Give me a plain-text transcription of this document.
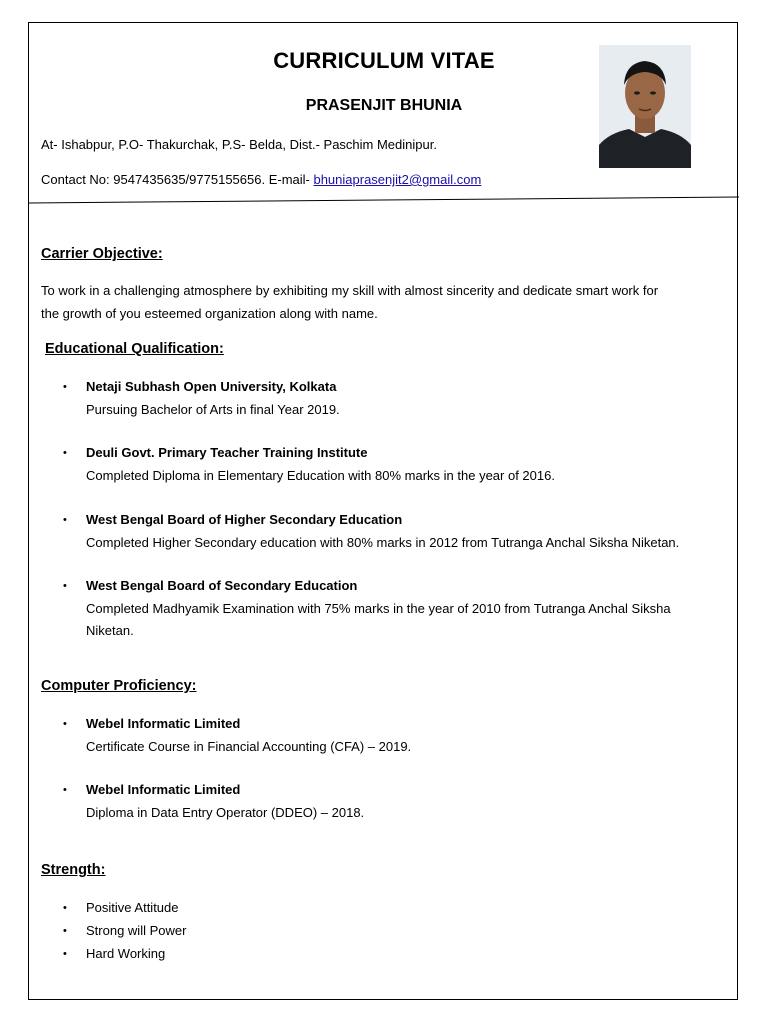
CURRICULUM VITAE
PRASENJIT BHUNIA
At- Ishabpur, P.O- Thakurchak, P.S- Belda, Dist.- Paschim Medinipur.
Contact No: 9547435635/9775155656. E-mail- bhuniaprasenjit2@gmail.com
Carrier Objective:
To work in a challenging atmosphere by exhibiting my skill with almost sincerity and dedicate smart work for
the growth of you esteemed organization along with name.
Educational Qualification:
• Netaji Subhash Open University, Kolkata
Pursuing Bachelor of Arts in final Year 2019.
• Deuli Govt. Primary Teacher Training Institute
Completed Diploma in Elementary Education with 80% marks in the year of 2016.
• West Bengal Board of Higher Secondary Education
Completed Higher Secondary education with 80% marks in 2012 from Tutranga Anchal Siksha Niketan.
• West Bengal Board of Secondary Education
Completed Madhyamik Examination with 75% marks in the year of 2010 from Tutranga Anchal Siksha
Niketan.
Computer Proficiency:
• Webel Informatic Limited
Certificate Course in Financial Accounting (CFA) – 2019.
• Webel Informatic Limited
Diploma in Data Entry Operator (DDEO) – 2018.
Strength:
• Positive Attitude
• Strong will Power
• Hard Working
